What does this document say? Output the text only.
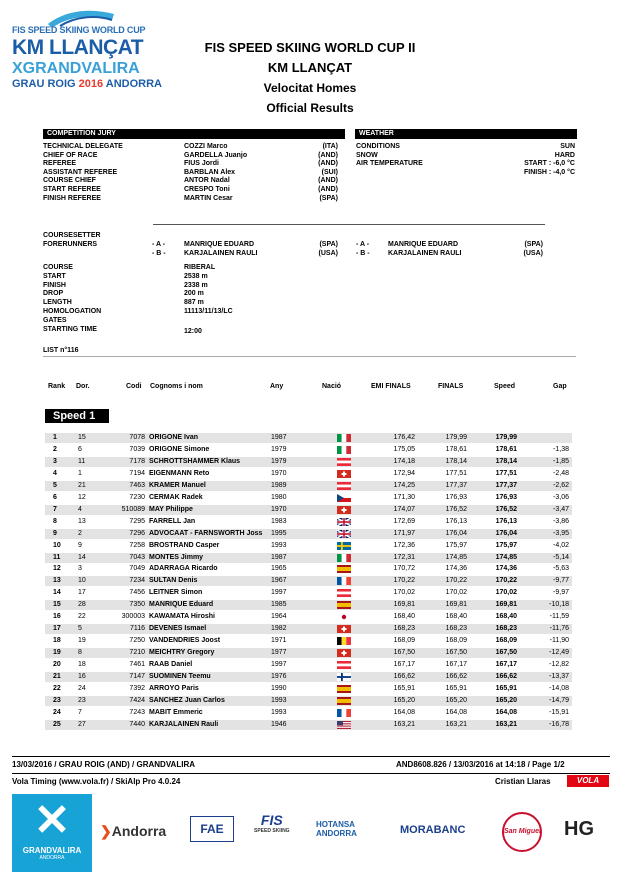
FIS SPEED SKIING WORLD CUP
KM LLANÇAT
XGRANDVALIRA
GRAU ROIG 2016 ANDORRA
FIS SPEED SKIING WORLD CUP II
KM LLANÇAT
Velocitat Homes
Official Results
COMPETITION JURY	WEATHER
TECHNICAL DELEGATE	COZZI Marco	(ITA)
CHIEF OF RACE	GARDELLA Juanjo	(AND)
REFEREE	FIUS Jordi	(AND)
ASSISTANT REFEREE	BARBLAN Alex	(SUI)
COURSE CHIEF	ANTOR Nadal	(AND)
START REFEREE	CRESPO Toni	(AND)
FINISH REFEREE	MARTIN Cesar	(SPA)
CONDITIONS	SUN
SNOW	HARD
AIR TEMPERATURE	START : -6,0 °C
FINISH : -4,0 °C
COURSESETTER
FORERUNNERS	- A -	MANRIQUE EDUARD	(SPA)
- B -	KARJALAINEN RAULI	(USA)
- A -	MANRIQUE EDUARD	(SPA)
- B -	KARJALAINEN RAULI	(USA)
COURSE	RIBERAL
START	2538 m
FINISH	2338 m
DROP	200 m
LENGTH	887 m
HOMOLOGATION	11113/11/13/LC
GATES
STARTING TIME	12:00
LIST n°116
Rank Dor.	Codi Cognoms i nom	Any	Nació	EMI FINALS	FINALS	Speed	Gap
Speed 1
1	15	7078 ORIGONE Ivan	1987	176,42	179,99	179,99
2	6	7039 ORIGONE Simone	1979	175,05	178,61	178,61	-1,38
3	11	7178 SCHROTTSHAMMER Klaus	1979	174,18	178,14	178,14	-1,85
4	1	7194 EIGENMANN Reto	1970	172,94	177,51	177,51	-2,48
5	21	7463 KRAMER Manuel	1989	174,25	177,37	177,37	-2,62
6	12	7230 CERMAK Radek	1980	171,30	176,93	176,93	-3,06
7	4	510089 MAY Philippe	1970	174,07	176,52	176,52	-3,47
8	13	7295 FARRELL Jan	1983	172,69	176,13	176,13	-3,86
9	2	7296 ADVOCAAT - FARNSWORTH Joss 1995	171,97	176,04	176,04	-3,95
10	9	7258 BROSTRAND Casper	1993	172,36	175,97	175,97	-4,02
11	14	7043 MONTES Jimmy	1987	172,31	174,85	174,85	-5,14
12	3	7049 ADARRAGA Ricardo	1965	170,72	174,36	174,36	-5,63
13	10	7234 SULTAN Denis	1967	170,22	170,22	170,22	-9,77
14	17	7456 LEITNER Simon	1997	170,02	170,02	170,02	-9,97
15	28	7350 MANRIQUE Eduard	1985	169,81	169,81	169,81	-10,18
16	22	300003 KAWAMATA Hiroshi	1964	168,40	168,40	168,40	-11,59
17	5	7116 DEVENES Ismael	1982	168,23	168,23	168,23	-11,76
18	19	7250 VANDENDRIES Joost	1971	168,09	168,09	168,09	-11,90
19	8	7210 MEICHTRY Gregory	1977	167,50	167,50	167,50	-12,49
20	18	7461 RAAB Daniel	1997	167,17	167,17	167,17	-12,82
21	16	7147 SUOMINEN Teemu	1976	166,62	166,62	166,62	-13,37
22	24	7392 ARROYO Paris	1990	165,91	165,91	165,91	-14,08
23	23	7424 SANCHEZ Juan Carlos	1993	165,20	165,20	165,20	-14,79
24	7	7243 MABIT Emmeric	1993	164,08	164,08	164,08	-15,91
25	27	7440 KARJALAINEN Rauli	1946	163,21	163,21	163,21	-16,78
13/03/2016 / GRAU ROIG (AND) / GRANDVALIRA	AND8608.826 / 13/03/2016 at 14:18 / Page 1/2
Vola Timing (www.vola.fr) / SkiAlp Pro 4.0.24	Cristian Llaras	VOLA
✕
GRANDVALIRA
ANDORRA
❯Andorra	FAE
FIS
SPEED SKIING
HOTANSA
ANDORRA	MORABANC	San Miguel HG
